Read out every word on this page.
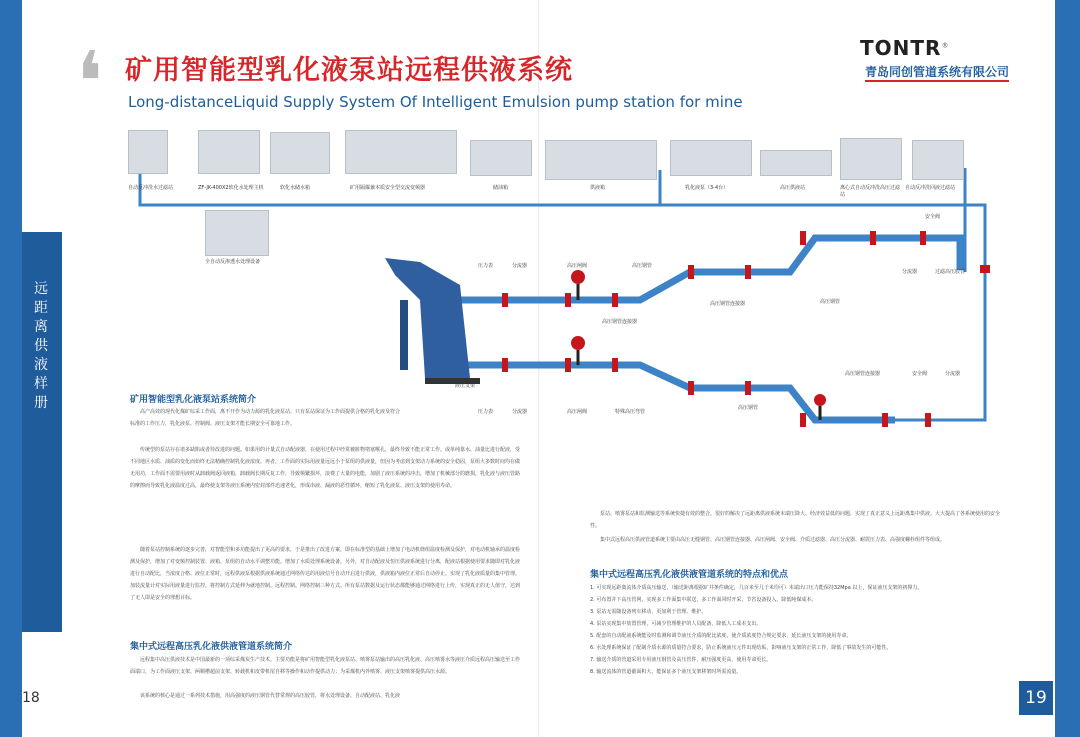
远
距
离
供
液
样
册
18	19
❛ 矿用智能型乳化液泵站远程供液系统
Long-distanceLiquid Supply System Of Intelligent Emulsion pump station for mine
TONTR®
青岛同创管道系统有限公司
自动反冲洗水过滤站	ZF-JK-400X2软化水处理主机	软化水储水箱	矿用隔爆兼本质安全型交流变频器	储油箱	供液箱	乳化液泵（3-4台）	高压供液站	离心式自动反冲洗高压过滤站
自动反冲洗回液过滤站
全自动反渗透水处理设备
压力表	分流器	高压闸阀	高压钢管
高压钢管连接器
高压钢管连接器
安全阀
分流器	过滤高压胶管
高压钢管
液压支架
压力表	分流器	高压闸阀	特殊高压弯管
高压钢管连接器	安全阀	分流器
高压钢管
矿用智能型乳化液泵站系统简介
高产高效的现代化煤矿综采工作面，离不开作为动力源的乳化液泵站。只有泵站保证为工作面提供合格的乳化液及符合标准的工作压力，乳化液泵、控制阀、液压支架才能长期安全可靠地工作。
传统型的泵站存在诸多缺陷或者待改进的问题。如果用的计量式自动配液器，在使用过程中经常被脏物堵塞喉孔，最终导致不能正常工作。或单纯靠水、油量比进行配液，受不同地区水质、油质的变化而始终无法精确控制乳化液浓度。再者，工作面的实际用液量远远小于泵组的供液量，但因为考虑到支架动力系统的安全稳固，泵组大多数时间均在做无用功，工作面不需要用液时从卸载阀返回液箱，卸载阀长期反复工作，导致频繁损坏，浪费了大量的电能，加剧了液压系统的冲击，增加了机械部分的磨损，乳化液与液压管路的摩擦而导致乳化液温度过高，最终使支架等液压系统内密封部件迅速老化，形成串液、漏液的恶性循环，缩短了乳化液泵、液压支架的使用寿命。
随着泵站控制系统的逐步完善，对智能型和多功能提出了更高的要求，于是推出了改进方案。即在标准型的基础上增加了电动机绕组温度检测及保护，对电动机轴承的温度检测及保护，增加了对变频控制装置、液箱、泵组的自动水平调整功能。增加了水质处理系统设备。另外，对自动配液及恒压供液系统进行分离，配液站根据使用要求随即对乳化液进行自动配比，当浓度合格、液位正常时，远程供液泵根据供液系统通过网络传达的用液信号自动开启进行供液，供液箱内液位正常后自动停止。实现了乳化液质量的集中管理。加装流量计对实际用液量进行监控，将控制方式延伸为就地控制、远程控制、网络控制三种方式。所有泵站数据及运行状态都能够通过网络进行上传，实现真正的无人值守，达到了无人即是安全的理想目标。
集中式远程高压乳化液供液管道系统简介
远程集中高压供液技术是中国最新的一项综采煤炭生产技术。主要功能是将矿用智能型乳化液泵站、喷雾泵站输出的高压乳化液、高压喷雾水等液压介质远程高压输送至工作面端口，为工作面液压支架、两顺槽超前支架、转载机和皮带机尾自移等操作和动作提供动力；为采煤机内外喷雾、液压支架喷雾提供高压水源。
该系统的核心是通过一系列技术措施，用高强度的液压钢管代替常规的高压胶管，将水处理设备、自动配液站、乳化液
泵站、喷雾泵站和监测输送等系统快捷有效的整合。很好的解决了远距离供液系统末端压降大、经济效益低的问题，实现了真正意义上远距离集中供液。大大提高了各系统使用的安全性。
集中式远程高压供液管道系统主要由高压无缝钢管、高压钢管连接器、高压闸阀、安全阀、介质过滤器、高压分流器、耐震压力表、高强度螺栓组件等组成。
集中式远程高压乳化液供液管道系统的特点和优点
1. 可实现远距离流体介质高压输送，（输送距离根据矿井条件确定，几百米至几千米均可）末端出口压力能保持32Mpa 以上，保证液压支架的初撑力。
2. 可布置并下高压管网，实现多工作面集中联送，多工作面同时开采，节省设备投入，降低吨煤成本。
3. 泵站无需随设备列车移动，更加利于管理、维护。
4. 泵站实现集中放置管理，可减少管理维护的人员配备，降低人工成本支出。
5. 配套的自动配液系统能及时监测和调节液压介质的配比浓度，使介质浓度符合规定要求，延长液压支架的使用寿命。
6. 水处理系统保证了配制介质水源的质量符合要求，防止系统液压元件出现结垢，影响液压支架的正常工作，降低了事故发生的可能性。
7. 输送介质的管道采用专用液压钢管及高压管件，耐压强度更高，使用寿命更长。
8. 输送流体的管道截面积大，能保证多个液压支架移架时所需流量。
